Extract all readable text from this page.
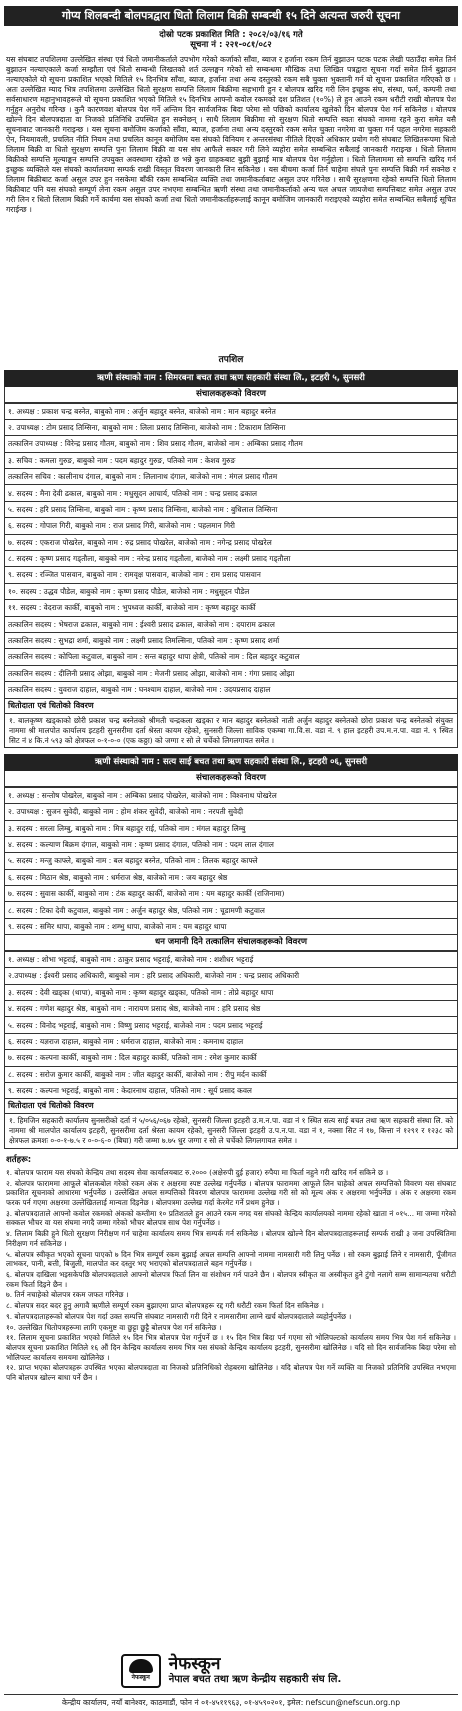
गोप्य शिलबन्दी बोलपत्रद्वारा धितो लिलाम बिक्री सम्बन्धी १५ दिने अत्यन्त जरुरी सूचना
दोस्रो पटक प्रकाशित मिति : २०८२/०३/१६ गते
सूचना नं : २२१-०८१/०८२
यस संघबाट तपशिलमा उल्लेखित संस्था एवं धितो जमानीकर्ताले उपभोग गरेको कर्जाको साँवा, ब्याज र हर्जाना रकम तिर्न बुझाउन पटक पटक लेखी पठाउँदा समेत तिर्न बुझाउन नल्याएकाले कर्जा सम्झौता एवं धितो सम्बन्धी लिखतको शर्त उल्लङ्घन गरेको सो सम्बन्धमा मौखिक तथा लिखित पत्रद्वारा सूचना गर्दा समेत तिर्न बुझाउन नल्याएकोले यो सूचना प्रकाशित भएको मितिले १५ दिनभित्र साँवा, ब्याज, हर्जाना तथा अन्य दस्तुरको रकम सबै चुक्ता भुक्तानी गर्न यो सूचना प्रकाशित गरिएको छ । अतः उल्लेखित म्याद भित्र तपशिलमा उल्लेखित धितो सुरक्षण सम्पत्ति लिलाम बिक्रीमा सहभागी हुन र बोलपत्र खरिद गरी लिन इच्छुक संघ, संस्था, फर्म, कम्पनी तथा सर्वसाधारण महानुभावहरूले यो सूचना प्रकाशित भएको मितिले १५ दिनभित्र आफ्नो कवोल रकमको दश प्रतिशत (१०%) ले हुन आउने रकम धरौटी राखी बोलपत्र पेश गर्नुहुन अनुरोध गरिन्छ । कुनै कारणवश बोलपत्र पेश गर्ने अन्तिम दिन सार्वजनिक बिदा परेमा सो पछिको कार्यालय खुलेको दिन बोलपत्र पेश गर्न सकिनेछ । बोलपत्र खोल्ने दिन बोलपत्रदाता वा निजको प्रतिनिधि उपस्थित हुन सक्नेछन् । साथै लिलाम बिक्रीमा सो सुरक्षण धितो सम्पत्ति स्वतः संघको नाममा रहने कुरा समेत यसै सूचनाबाट जानकारी गराइन्छ । यस सूचना बमोजिम कर्जाको साँवा, ब्याज, हर्जाना तथा अन्य दस्तुरको रकम समेत चुक्ता नगरेमा वा चुक्ता गर्न पहल नगरेमा सहकारी ऐन, नियमावली, प्रचलित नीति नियम तथा प्रचलित कानून बमोजिम यस संघको विनियम र अन्तरसंस्था नीतिले दिएको अधिकार प्रयोग गरी संघबाट लिखितरूपमा धितो लिलाम बिक्री वा धितो सुरक्षण सम्पत्ति पुनः लिलाम बिक्री वा यस संघ आफैले सकार गरी लिने व्यहोरा समेत सम्बन्धित सबैलाई जानकारी गराइन्छ । धितो लिलाम बिक्रीको सम्पत्ति मूल्याङ्कन सम्पत्ति उपयुक्त अवस्थामा रहेको छ भन्ने कुरा ग्राहकबाट बुझी बुझाई मात्र बोलपत्र पेश गर्नुहोला । धितो लिलाममा सो सम्पत्ति खरिद गर्न इच्छुक व्यक्तिले यस संघको कार्यालयमा सम्पर्क राखी विस्तृत विवरण जानकारी लिन सकिनेछ । यस बीचमा कर्जा तिर्न चाहेमा संघले पुनः सम्पत्ति बिक्री गर्न सक्नेछ र लिलाम बिक्रीबाट कर्जा असुल उपर हुन नसकेमा बाँकी रकम सम्बन्धित व्यक्ति तथा जमानीकर्ताबाट असुल उपर गरिनेछ । साथै सुरक्षणमा रहेको सम्पत्ति धितो लिलाम बिक्रीबाट पनि यस संघको सम्पूर्ण लेना रकम असुल उपर नभएमा सम्बन्धित ऋणी संस्था तथा जमानीकर्ताको अन्य चल अचल जायजेथा सम्पत्तिबाट समेत असुल उपर गरी लिन र धितो लिलाम बिक्री गर्ने कार्यमा यस संघको कर्जा तथा धितो जमानीकर्ताहरूलाई कानून बमोजिम जानकारी गराइएको व्यहोरा समेत सम्बन्धित सबैलाई सूचित गराईन्छ ।
तपशिल
ऋणी संस्थाको नाम : सिमरबना बचत तथा ऋण सहकारी संस्था लि., इटहरी ५, सुनसरी
संचालकहरूको विवरण
१. अध्यक्ष : प्रकाश चन्द्र बस्नेत, बाबुको नाम : अर्जुन बहादुर बस्नेत, बाजेको नाम : मान बहादुर बस्नेत
२. उपाध्यक्ष : टोम प्रसाद तिम्सिना, बाबुको नाम : लिला प्रसाद तिम्सिना, बाजेको नाम : टिकाराम तिम्सिना
तत्कालिन उपाध्यक्ष : विरेन्द्र प्रसाद गौतम, बाबुको नाम : शिव प्रसाद गौतम, बाजेको नाम : अम्बिका प्रसाद गौतम
३. सचिव : कमला गुरुङ, बाबुको नाम : पदम बहादुर गुरुङ, पतिको नाम : केशव गुरुङ
तत्कालिन सचिव : कालीनाथ दंगाल, बाबुको नाम : लिलानाथ दंगाल, बाजेको नाम : मंगल प्रसाद गौतम
४. सदस्य : मैना देवी ढकाल, बाबुको नाम : मधुसूदन आचार्य, पतिको नाम : चन्द्र प्रसाद ढकाल
५. सदस्य : हरि प्रसाद तिम्सिना, बाबुको नाम : कृष्ण प्रसाद तिम्सिना, बाजेको नाम : बुधिलाल तिम्सिना
६. सदस्य : गोपाल गिरी, बाबुको नाम : राज प्रसाद गिरी, बाजेको नाम : पहलमान गिरी
७. सदस्य : एकराज पोखरेल, बाबुको नाम : रुद्र प्रसाद पोखरेल, बाजेको नाम : नगेन्द्र प्रसाद पोखरेल
८. सदस्य : कृष्ण प्रसाद गड्तौला, बाबुको नाम : नरेन्द्र प्रसाद गड्तौला, बाजेको नाम : लक्ष्मी प्रसाद गड्तौला
९. सदस्य : रञ्जित पासवान, बाबुको नाम : रामवृक्ष पासवान, बाजेको नाम : राम प्रसाद पासवान
१०. सदस्य : उद्धव पौडेल, बाबुको नाम : कृष्ण प्रसाद पौडेल, बाजेको नाम : मधुसूदन पौडेल
११. सदस्य : वेदराज कार्की, बाबुको नाम : भुपध्वज कार्की, बाजेको नाम : कृष्ण बहादुर कार्की
तत्कालिन सदस्य : भेषराज ढकाल, बाबुको नाम : ईश्वरी प्रसाद ढकाल, बाजेको नाम : दयाराम ढकाल
तत्कालिन सदस्य : सुभद्रा शर्मा, बाबुको नाम : लक्ष्मी प्रसाद तिमल्सिना, पतिको नाम : कृष्ण प्रसाद शर्मा
तत्कालिन सदस्य : कोपिला कटुवाल, बाबुको नाम : सन्त बहादुर थापा क्षेत्री, पतिको नाम : दिल बहादुर कटुवाल
तत्कालिन सदस्य : दीलिनी प्रसाद ओझा, बाबुको नाम : मेजनी प्रसाद ओझा, बाजेको नाम : गंगा प्रसाद ओझा
तत्कालिन सदस्य : युवराज दाहाल, बाबुको नाम : घनश्याम दाहाल, बाजेको नाम : उदयप्रसाद दाहाल
धितोदाता एवं धितोको विवरण
१. बालकृष्ण खड्काको छोरी प्रकाश चन्द्र बस्नेतको श्रीमती चन्द्रकला खड्का र मान बहादुर बस्नेतको नाती अर्जुन बहादुर बस्नेतको छोरा प्रकाश चन्द्र बस्नेतको संयुक्त नाममा श्री मालपोत कार्यालय इटहरी सुनसरीमा दर्ता श्रेस्ता कायम रहेको, सुनसरी जिल्ला साविक एकम्बा गा.वि.स. वडा नं. ९ हाल इटहरी उप.म.न.पा. वडा नं. ९ स्थित सिट नं ४ कि.नं ५९३ को क्षेत्रफल ०-१-०-० (एक कठ्ठा) को जग्गा र सो ले चर्चेको लिगलगायत समेत ।
ऋणी संस्थाको नाम : सत्य साई बचत तथा ऋण सहकारी संस्था लि., इटहरी ०६, सुनसरी
संचालकहरूको विवरण
१. अध्यक्ष : सन्तोष पोखरेल, बाबुको नाम : अम्बिका प्रसाद पोखरेल, बाजेको नाम : विश्वनाथ पोखरेल
२. उपाध्यक्ष : सुजन सुवेदी, बाबुको नाम : होम शंकर सुवेदी, बाजेको नाम : नरपती सुवेदी
३. सदस्य : सरला लिम्बु, बाबुको नाम : मित्र बहादुर राई, पतिको नाम : मंगल बहादुर लिम्बु
४. सदस्य : कल्याण बिक्रम दंगाल, बाबुको नाम : कृष्ण प्रसाद दंगाल, पतिको नाम : पदम लाल दंगाल
५. सदस्य : मन्जु काफ्ले, बाबुको नाम : बल बहादुर बस्नेत, पतिको नाम : तिलक बहादुर काफ्ले
६. सदस्य : मिठान श्रेष्ठ, बाबुको नाम : धर्मराज श्रेष्ठ, बाजेको नाम : जय बहादुर श्रेष्ठ
७. सदस्य : सुवास कार्की, बाबुको नाम : टंक बहादुर कार्की, बाजेको नाम : यम बहादुर कार्की (राजिनामा)
८. सदस्य : टिका देवी कटुवाल, बाबुको नाम : अर्जुन बहादुर श्रेष्ठ, पतिको नाम : चूडामणी कटुवाल
९. सदस्य : समिर थापा, बाबुको नाम : शम्भु थापा, बाजेको नाम : यम बहादुर थापा
धन जमानी दिने तत्कालिन संचालकहरूको विवरण
१. अध्यक्ष : शोभा भट्टराई, बाबुको नाम : ठाकुर प्रसाद भट्टराई, बाजेको नाम : शशीधर भट्टराई
२.उपाध्यक्ष : ईश्वरी प्रसाद अधिकारी, बाबुको नाम : हरि प्रसाद अधिकारी, बाजेको नाम : चन्द्र प्रसाद अधिकारी
३. सदस्य : देवी खड्का (थापा), बाबुको नाम : कृष्ण बहादुर खड्का, पतिको नाम : तोप्ने बहादुर थापा
४. सदस्य : गणेश बहादुर श्रेष्ठ, बाबुको नाम : नारायण प्रसाद श्रेष्ठ, बाजेको नाम : हरि प्रसाद श्रेष्ठ
५. सदस्य : विनोद भट्टराई, बाबुको नाम : विष्णु प्रसाद भट्टराई, बाजेको नाम : पदम प्रसाद भट्टराई
६. सदस्य : यज्ञराज दाहाल, बाबुको नाम : धर्मराज दाहाल, बाजेको नाम : कमनाथ दाहाल
७. सदस्य : कल्पना कार्की, बाबुको नाम : दिल बहादुर कार्की, पतिको नाम : रमेश कुमार कार्की
८. सदस्य : सरोज कुमार कार्की, बाबुको नाम : जीत बहादुर कार्की, बाजेको नाम : रीपु मर्दन कार्की
९. सदस्य : कल्पना भट्टराई, बाबुको नाम : केदारनाथ दाहाल, पतिको नाम : सूर्य प्रसाद कवल
धितोदाता एवं धितोको विवरण
१. हिमजिन सहकारी कार्यालय सुनसरीको दर्ता नं ५/०५६/०६७ रहेको, सुनसरी जिल्ला इटहरी उ.म.न.पा. वडा नं १ स्थित सत्य साई बचत तथा ऋण सहकारी संस्था लि. को नाममा श्री मालपोत कार्यालय इटहरी, सुनसरीमा दर्ता श्रेस्ता कायम रहेको, सुनसरी जिल्ला इटहरी उ.प.न.पा. वडा नं १, नक्सा सिट नं १७, कित्ता नं १२९१ र १२३८ को क्षेत्रफल क्रमशः ०-०-१-७.५ र ०-०-६-० (बिघा) गरी जम्मा ७.७५ धुर जग्गा र सो ले चर्चेको लिगलगायत समेत ।
शर्तहरू:

१. बोलपत्र फाराम यस संघको केन्द्रिय तथा सदस्य सेवा कार्यालयबाट रु.२००० (अक्षेरुपी दुई हजार) रुपैया मा फिर्ता नहुने गरी खरिद गर्न सकिने छ ।

२. बोलपत्र फाराममा आफूले बोलकबोल गरेको रकम अंक र अक्षरमा स्पष्ट उल्लेख गर्नुपर्नेछ । बोलपत्र फाराममा आफूले लिन चाहेको अचल सम्पत्तिको विवरण यस संघबाट प्रकाशित सूचनाको आधारमा भर्नुपर्नेछ । उल्लेखित अचल सम्पत्तिको विवरण बोलपत्र फाराममा उल्लेख गरी सो को मूल्य अंक र अक्षरमा भर्नुपर्नेछ । अंक र अक्षरमा रकम फरक पर्न गएमा अक्षरमा उल्लेखितलाई मान्यता दिइनेछ । बोलपत्रमा उल्लेख गर्दा केरमेट गर्ने प्रथम हुनेछ ।

३. बोलपत्रदाताले आफ्नो कवोल रकमको अंकको कम्तीमा १० प्रतिशतले हुन आउने रकम नगद यस संघको केन्द्रिय कार्यालयको नाममा रहेको खाता नं ०१५... मा जम्मा गरेको सक्कल भौचर वा यस संघमा नगदै जम्मा गरेको भौचर बोलपत्र साथ पेश गर्नुपर्नेछ ।

४. लिलाम बिक्री हुने धितो सुरक्षण निरीक्षण गर्न चाहेमा कार्यालय समय भित्र सम्पर्क गर्न सकिनेछ । बोलपत्र खोल्ने दिन बोलपत्रदाताहरूलाई सम्पर्क राखी ३ जना उपस्थितिमा निरीक्षण गर्न सकिनेछ ।

५. बोलपत्र स्वीकृत भएको सूचना पाएको ७ दिन भित्र सम्पूर्ण रकम बुझाई अचल सम्पत्ति आफ्नो नाममा नामसारी गरी लिनु पर्नेछ । सो रकम बुझाई लिने र नामसारी, पूँजीगत लाभकर, पानी, बत्ती, बिजुली, मालपोत कर दस्तुर भए भराएको बोलपत्रदाताले बहन गर्नुपर्नेछ ।

६. बोलपत्र दाखिला भइसकेपछि बोलपत्रदाताले आफ्नो बोलपत्र फिर्ता लिन वा संशोधन गर्न पाउने छैन । बोलपत्र स्वीकृत वा अस्वीकृत हुने टुंगो नलागे सम्म सामान्यतया धरौटी रकम फिर्ता दिइने छैन ।

७. तिर्न नचाहेको बोलपत्र रकम जफत गरिनेछ ।

८. बोलपत्र सदर बदर हुनु अगावै ऋणीले सम्पूर्ण रकम बुझाएमा प्राप्त बोलपत्रहरू रद्द गरी धरौटी रकम फिर्ता दिन सकिनेछ ।

९. बोलपत्रदाताहरूको बोलपत्र पेश गर्दा उक्त सम्पत्ति संघबाट नामसारी गरी दिने र नामसारीमा लाग्ने खर्च बोलपत्रदाताले व्यहोर्नुपर्नेछ ।

१०. उल्लेखित धितोपत्रहरूमा लागि एकमुष्ट वा छुट्टा छुट्टै बोलपत्र पेश गर्न सकिनेछ ।

११. लिलाम सूचना प्रकाशित भएको मितिले १५ दिन भित्र बोलपत्र पेश गर्नुपर्ने छ । १५ दिन भित्र बिदा पर्न गएमा सो भोलिपल्टको कार्यालय समय भित्र पेश गर्न सकिनेछ । बोलपत्र सूचना प्रकाशित मितिले १६ औं दिन केन्द्रिय कार्यालय समय भित्र यस संघको केन्द्रिय कार्यालय इटहरी, सुनसरीमा खोलिनेछ । यदि सो दिन सार्वजनिक बिदा परेमा सो भोलिपल्ट कार्यालय समयमा खोलिनेछ ।

१२. प्राप्त भएका बोलपत्रहरू उपस्थित भएका बोलपत्रदाता वा निजको प्रतिनिधिको रोहबरमा खोलिनेछ । यदि बोलपत्र पेश गर्ने व्यक्ति वा निजको प्रतिनिधि उपस्थित नभएमा पनि बोलपत्र खोल्न बाधा पर्ने छैन ।

नेफस्कून
नेफस्कून
नेपाल बचत तथा ऋण केन्द्रीय सहकारी संघ लि.
केन्द्रीय कार्यालय, नयाँ बानेश्वर, काठमाडौं, फोन नं ०१-४५११९६३, ०१-४५९०२०१, इमेल: nefscun@nefscun.org.np
